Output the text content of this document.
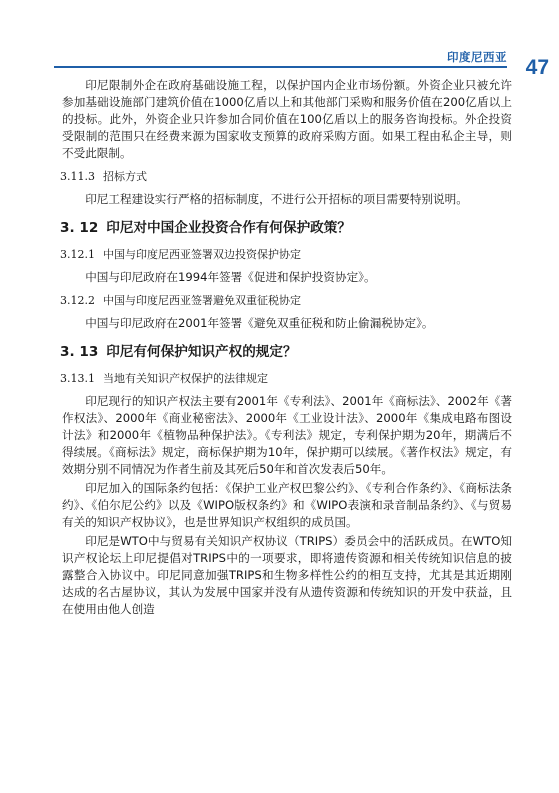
印度尼西亚 47

印尼限制外企在政府基础设施工程，以保护国内企业市场份额。外资企业只被允许参加基础设施部门建筑价值在1000亿盾以上和其他部门采购和服务价值在200亿盾以上的投标。此外，外资企业只许参加合同价值在100亿盾以上的服务咨询投标。外企投资受限制的范围只在经费来源为国家收支预算的政府采购方面。如果工程由私企主导，则不受此限制。

3.11.3 招标方式

印尼工程建设实行严格的招标制度，不进行公开招标的项目需要特别说明。

3. 12 印尼对中国企业投资合作有何保护政策？
3.12.1 中国与印度尼西亚签署双边投资保护协定

中国与印尼政府在1994年签署《促进和保护投资协定》。

3.12.2 中国与印度尼西亚签署避免双重征税协定

中国与印尼政府在2001年签署《避免双重征税和防止偷漏税协定》。

3. 13 印尼有何保护知识产权的规定？
3.13.1 当地有关知识产权保护的法律规定

印尼现行的知识产权法主要有2001年《专利法》、2001年《商标法》、2002年《著作权法》、2000年《商业秘密法》、2000年《工业设计法》、2000年《集成电路布图设计法》和2000年《植物品种保护法》。《专利法》规定，专利保护期为20年，期满后不得续展。《商标法》规定，商标保护期为10年，保护期可以续展。《著作权法》规定，有效期分别不同情况为作者生前及其死后50年和首次发表后50年。

印尼加入的国际条约包括：《保护工业产权巴黎公约》、《专利合作条约》、《商标法条约》、《伯尔尼公约》以及《WIPO版权条约》和《WIPO表演和录音制品条约》、《与贸易有关的知识产权协议》，也是世界知识产权组织的成员国。

印尼是WTO中与贸易有关知识产权协议（TRIPS）委员会中的活跃成员。在WTO知识产权论坛上印尼提倡对TRIPS中的一项要求，即将遗传资源和相关传统知识信息的披露整合入协议中。印尼同意加强TRIPS和生物多样性公约的相互支持，尤其是其近期刚达成的名古屋协议，其认为发展中国家并没有从遗传资源和传统知识的开发中获益，且在使用由他人创造
